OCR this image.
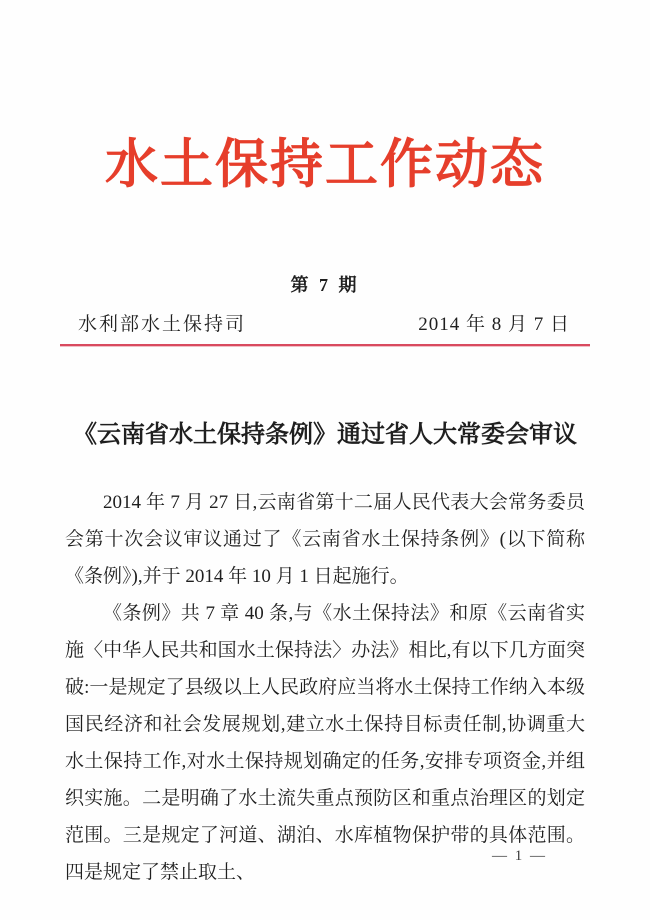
水土保持工作动态
第 7 期
水利部水土保持司	2014 年 8 月 7 日
《云南省水土保持条例》通过省人大常委会审议

2014 年 7 月 27 日,云南省第十二届人民代表大会常务委员会第十次会议审议通过了《云南省水土保持条例》(以下简称《条例》),并于 2014 年 10 月 1 日起施行。

《条例》共 7 章 40 条,与《水土保持法》和原《云南省实施〈中华人民共和国水土保持法〉办法》相比,有以下几方面突破:一是规定了县级以上人民政府应当将水土保持工作纳入本级国民经济和社会发展规划,建立水土保持目标责任制,协调重大水土保持工作,对水土保持规划确定的任务,安排专项资金,并组织实施。二是明确了水土流失重点预防区和重点治理区的划定范围。三是规定了河道、湖泊、水库植物保护带的具体范围。四是规定了禁止取土、

— 1 —
